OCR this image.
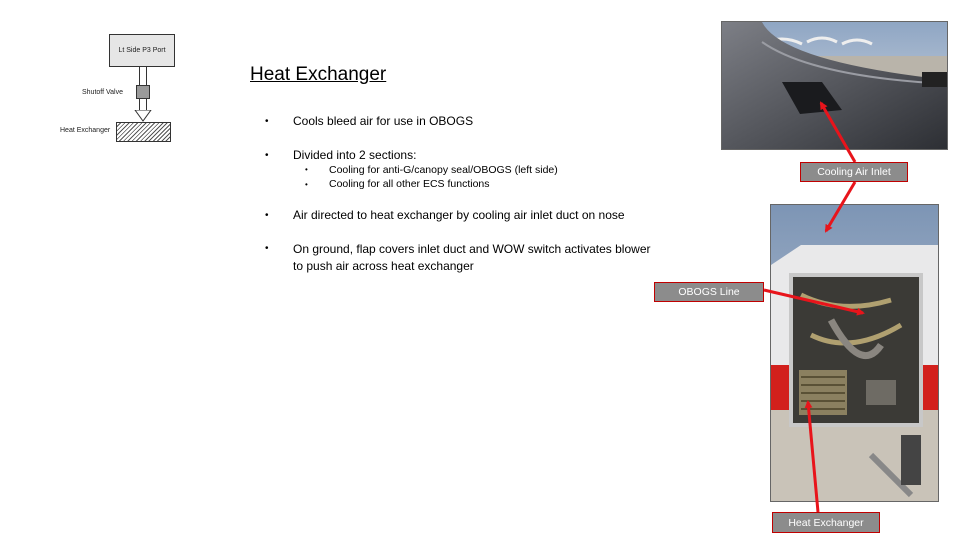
Lt Side P3 Port
Shutoff Valve
Heat Exchanger
Heat Exchanger
• Cools bleed air for use in OBOGS
• Divided into 2 sections:
• Cooling for anti-G/canopy seal/OBOGS (left side)
• Cooling for all other ECS functions
• Air directed to heat exchanger by cooling air inlet duct on nose
• On ground, flap covers inlet duct and WOW switch activates blower to push air across heat exchanger
Cooling Air Inlet
OBOGS Line
Heat Exchanger
